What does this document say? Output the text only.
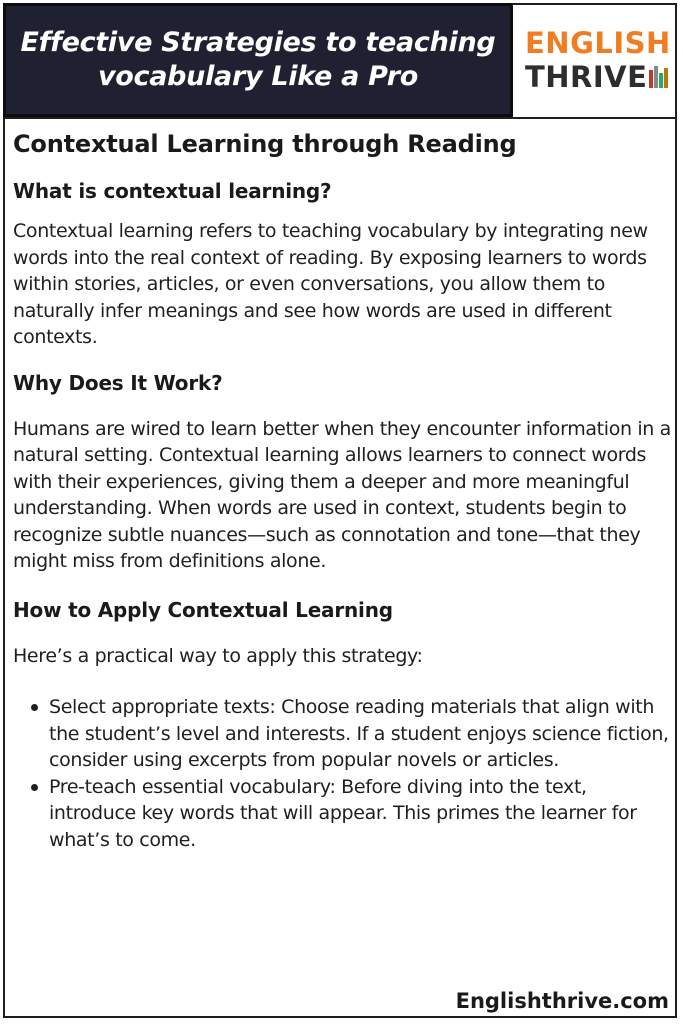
Effective Strategies to teaching
vocabulary Like a Pro
ENGLISH
THRIVE
Contextual Learning through Reading
What is contextual learning?

Contextual learning refers to teaching vocabulary by integrating new words into the real context of reading. By exposing learners to words within stories, articles, or even conversations, you allow them to naturally infer meanings and see how words are used in different contexts.

Why Does It Work?

Humans are wired to learn better when they encounter information in a natural setting. Contextual learning allows learners to connect words with their experiences, giving them a deeper and more meaningful understanding. When words are used in context, students begin to recognize subtle nuances—such as connotation and tone—that they might miss from definitions alone.

How to Apply Contextual Learning

Here’s a practical way to apply this strategy:

Select appropriate texts: Choose reading materials that align with the student’s level and interests. If a student enjoys science fiction, consider using excerpts from popular novels or articles.
Pre-teach essential vocabulary: Before diving into the text, introduce key words that will appear. This primes the learner for what’s to come.
Englishthrive.com
